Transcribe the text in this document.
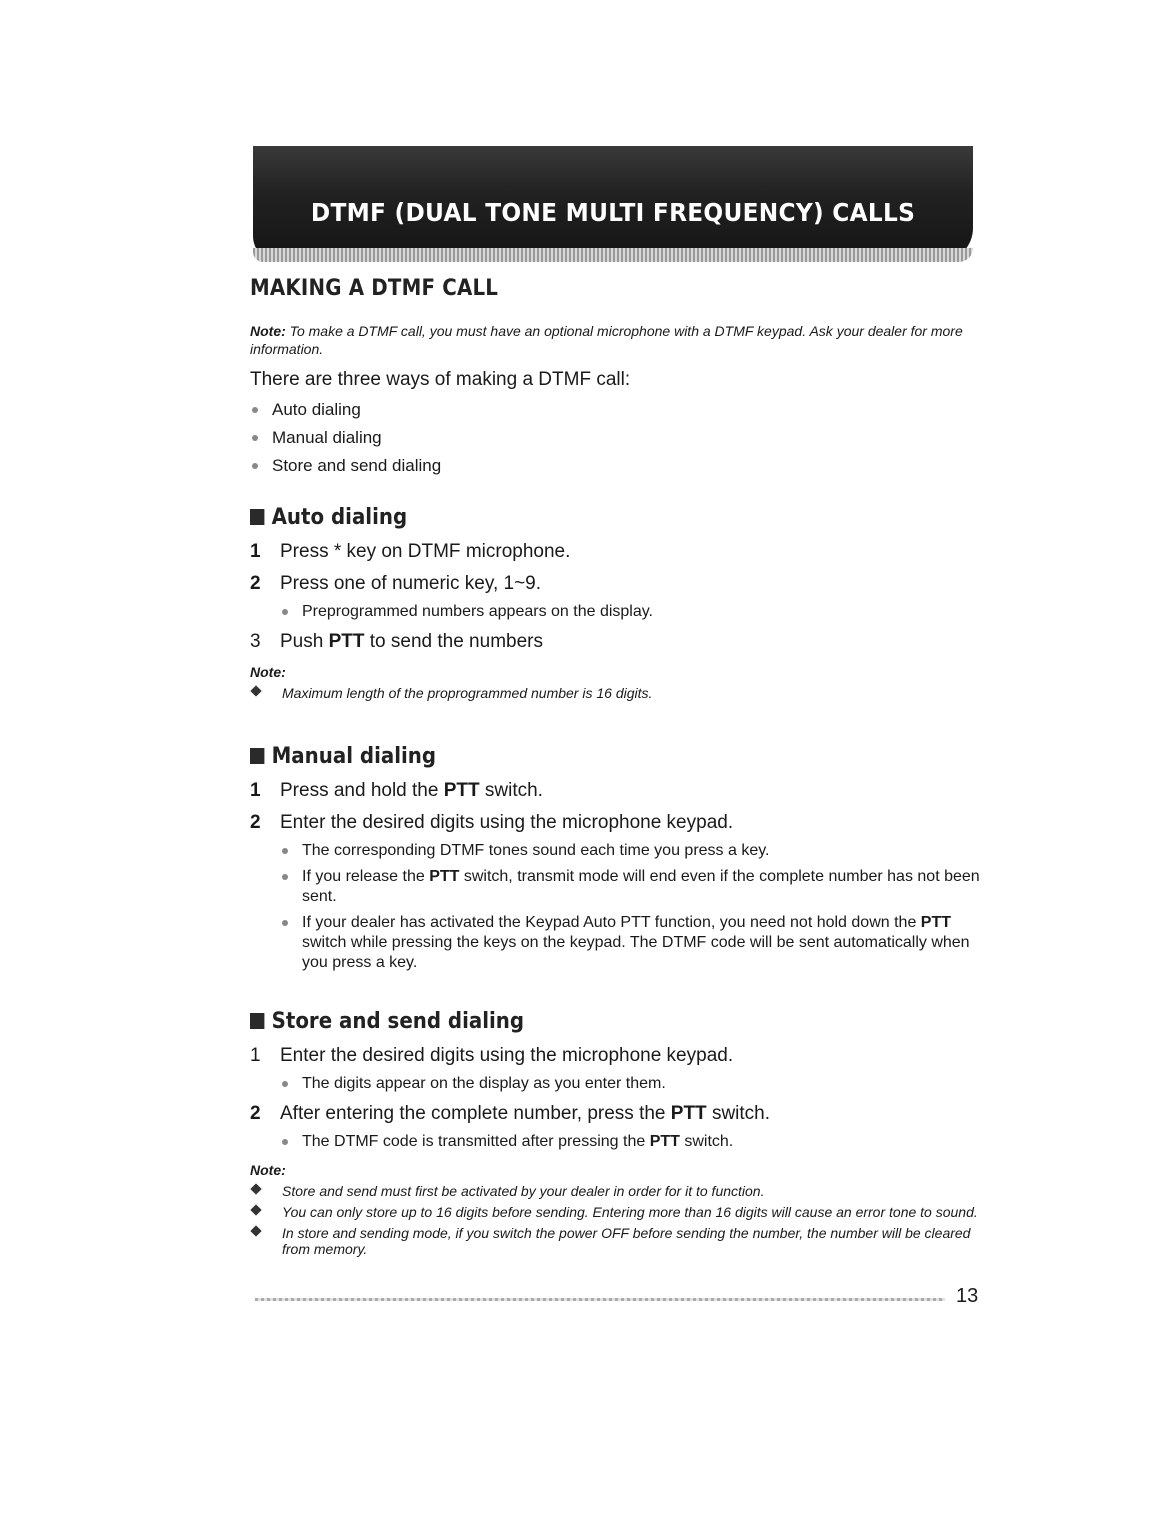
DTMF (DUAL TONE MULTI FREQUENCY) CALLS
MAKING A DTMF CALL
Note: To make a DTMF call, you must have an optional microphone with a DTMF keypad. Ask your dealer for more information.
There are three ways of making a DTMF call:
Auto dialing
Manual dialing
Store and send dialing
Auto dialing
1 Press * key on DTMF microphone.
2 Press one of numeric key, 1~9.
Preprogrammed numbers appears on the display.
3 Push PTT to send the numbers
Note:
Maximum length of the proprogrammed number is 16 digits.
Manual dialing
1 Press and hold the PTT switch.
2 Enter the desired digits using the microphone keypad.
The corresponding DTMF tones sound each time you press a key.
If you release the PTT switch, transmit mode will end even if the complete number has not been sent.
If your dealer has activated the Keypad Auto PTT function, you need not hold down the PTT switch while pressing the keys on the keypad. The DTMF code will be sent automatically when you press a key.
Store and send dialing
1 Enter the desired digits using the microphone keypad.
The digits appear on the display as you enter them.
2 After entering the complete number, press the PTT switch.
The DTMF code is transmitted after pressing the PTT switch.
Note:
Store and send must first be activated by your dealer in order for it to function.
You can only store up to 16 digits before sending. Entering more than 16 digits will cause an error tone to sound.
In store and sending mode, if you switch the power OFF before sending the number, the number will be cleared from memory.
13
